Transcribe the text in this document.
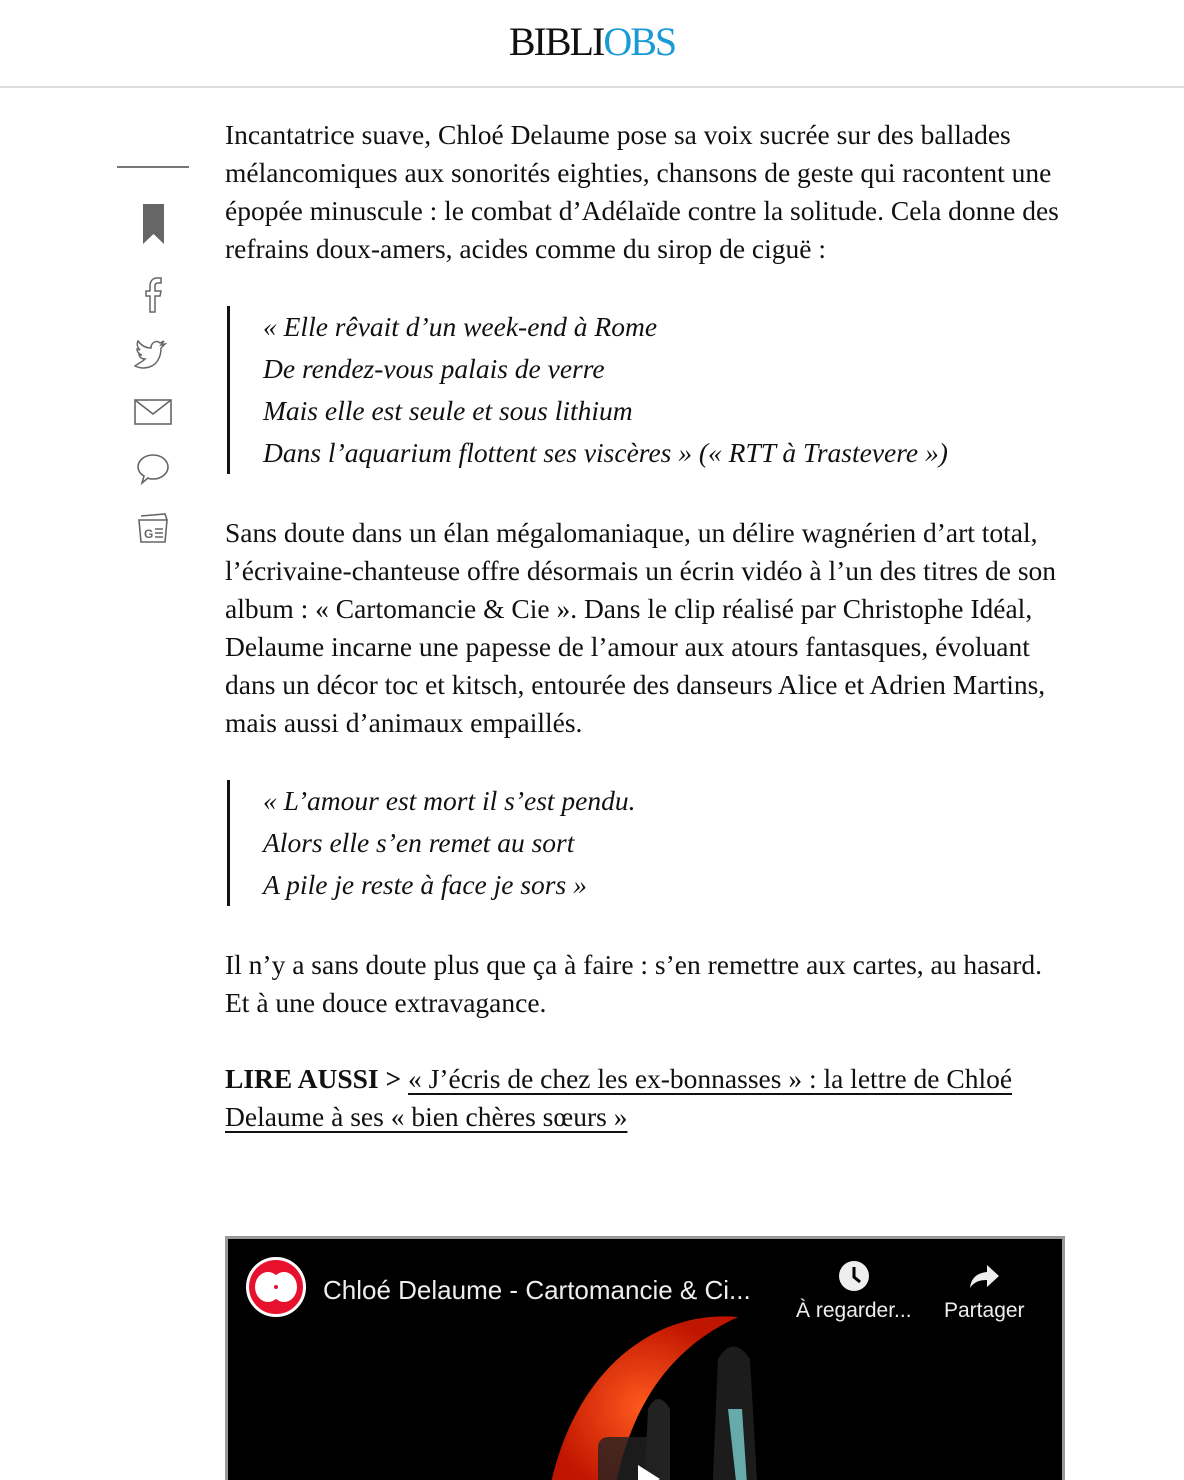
BIBLIOBS
G

Incantatrice suave, Chloé Delaume pose sa voix sucrée sur des ballades mélancomiques aux sonorités eighties, chansons de geste qui racontent une épopée minuscule : le combat d’Adélaïde contre la solitude. Cela donne des refrains doux-amers, acides comme du sirop de ciguë :

« Elle rêvait d’un week-end à Rome
De rendez-vous palais de verre
Mais elle est seule et sous lithium
Dans l’aquarium flottent ses viscères » (« RTT à Trastevere »)

Sans doute dans un élan mégalomaniaque, un délire wagnérien d’art total, l’écrivaine-chanteuse offre désormais un écrin vidéo à l’un des titres de son album : « Cartomancie & Cie ». Dans le clip réalisé par Christophe Idéal, Delaume incarne une papesse de l’amour aux atours fantasques, évoluant dans un décor toc et kitsch, entourée des danseurs Alice et Adrien Martins, mais aussi d’animaux empaillés.

« L’amour est mort il s’est pendu.
Alors elle s’en remet au sort
A pile je reste à face je sors »

Il n’y a sans doute plus que ça à faire : s’en remettre aux cartes, au hasard. Et à une douce extravagance.

LIRE AUSSI > « J’écris de chez les ex-bonnasses » : la lettre de Chloé Delaume à ses « bien chères sœurs »

Chloé Delaume - Cartomancie & Ci...
À regarder... Partager
